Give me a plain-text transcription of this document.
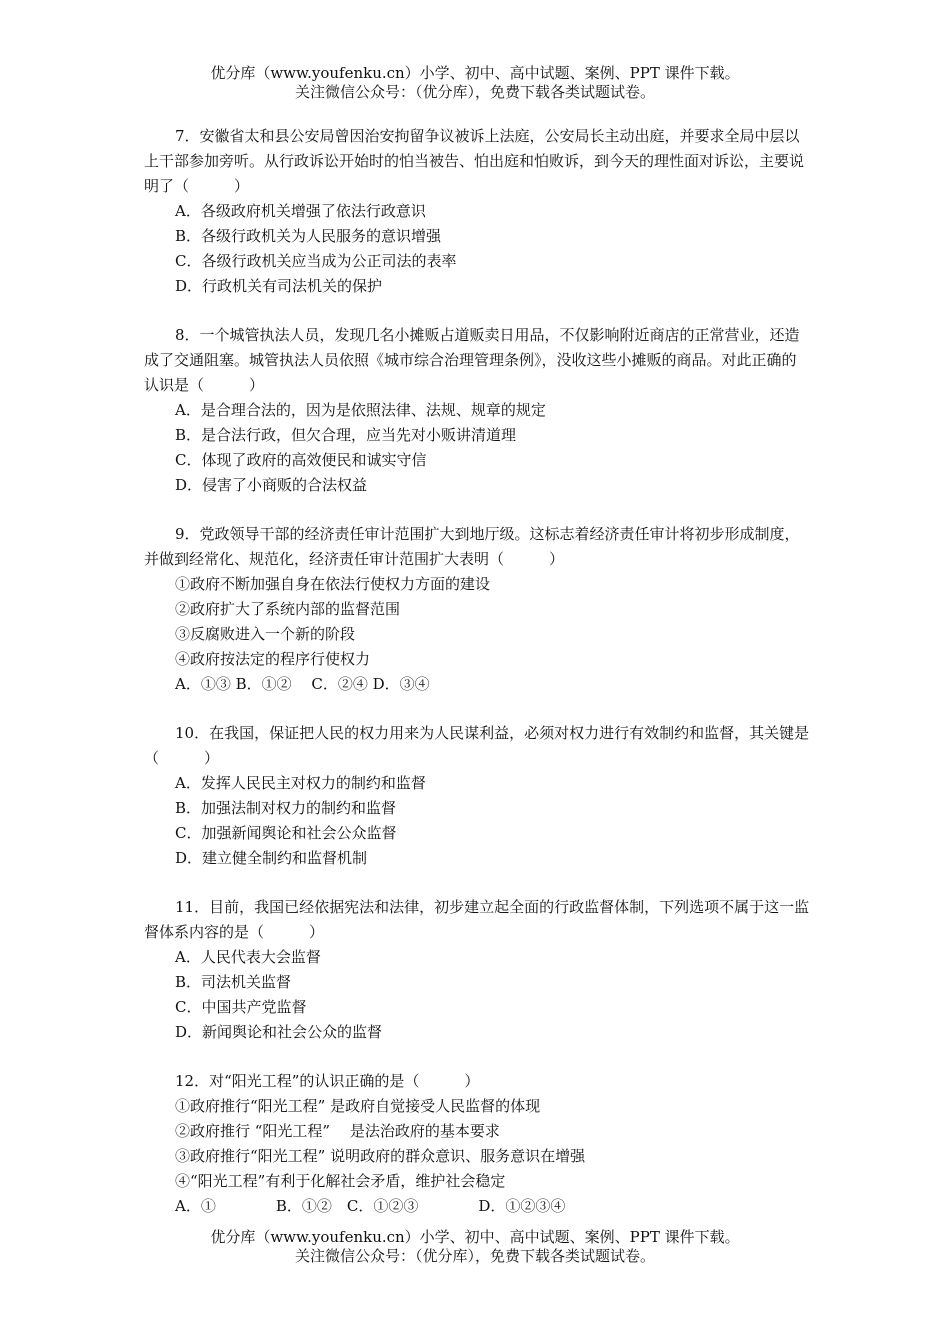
优分库（www.youfenku.cn）小学、初中、高中试题、案例、PPT 课件下载。
关注微信公众号：（优分库），免费下载各类试题试卷。

7．安徽省太和县公安局曾因治安拘留争议被诉上法庭，公安局长主动出庭，并要求全局中层以上干部参加旁听。从行政诉讼开始时的怕当被告、怕出庭和怕败诉，到今天的理性面对诉讼，主要说明了（　　　）

A．各级政府机关增强了依法行政意识

B．各级行政机关为人民服务的意识增强

C．各级行政机关应当成为公正司法的表率

D．行政机关有司法机关的保护

8．一个城管执法人员，发现几名小摊贩占道贩卖日用品，不仅影响附近商店的正常营业，还造成了交通阻塞。城管执法人员依照《城市综合治理管理条例》，没收这些小摊贩的商品。对此正确的认识是（　　　）

A．是合理合法的，因为是依照法律、法规、规章的规定

B．是合法行政，但欠合理，应当先对小贩讲清道理

C．体现了政府的高效便民和诚实守信

D．侵害了小商贩的合法权益

9．党政领导干部的经济责任审计范围扩大到地厅级。这标志着经济责任审计将初步形成制度，并做到经常化、规范化，经济责任审计范围扩大表明（　　　）

①政府不断加强自身在依法行使权力方面的建设

②政府扩大了系统内部的监督范围

③反腐败进入一个新的阶段

④政府按法定的程序行使权力

A．①③ B．①②　 C．②④ D．③④

10．在我国，保证把人民的权力用来为人民谋利益，必须对权力进行有效制约和监督，其关键是（　　　）

A．发挥人民民主对权力的制约和监督

B．加强法制对权力的制约和监督

C．加强新闻舆论和社会公众监督

D．建立健全制约和监督机制

11．目前，我国已经依据宪法和法律，初步建立起全面的行政监督体制，下列选项不属于这一监督体系内容的是（　　　）

A．人民代表大会监督

B．司法机关监督

C．中国共产党监督

D．新闻舆论和社会公众的监督

12．对“阳光工程”的认识正确的是（　　　）

①政府推行“阳光工程” 是政府自觉接受人民监督的体现

②政府推行 “阳光工程”　 是法治政府的基本要求

③政府推行“阳光工程” 说明政府的群众意识、服务意识在增强

④“阳光工程”有利于化解社会矛盾，维护社会稳定

A．①　　　　B．①②　C．①②③　　　　D．①②③④

优分库（www.youfenku.cn）小学、初中、高中试题、案例、PPT 课件下载。
关注微信公众号：（优分库），免费下载各类试题试卷。
